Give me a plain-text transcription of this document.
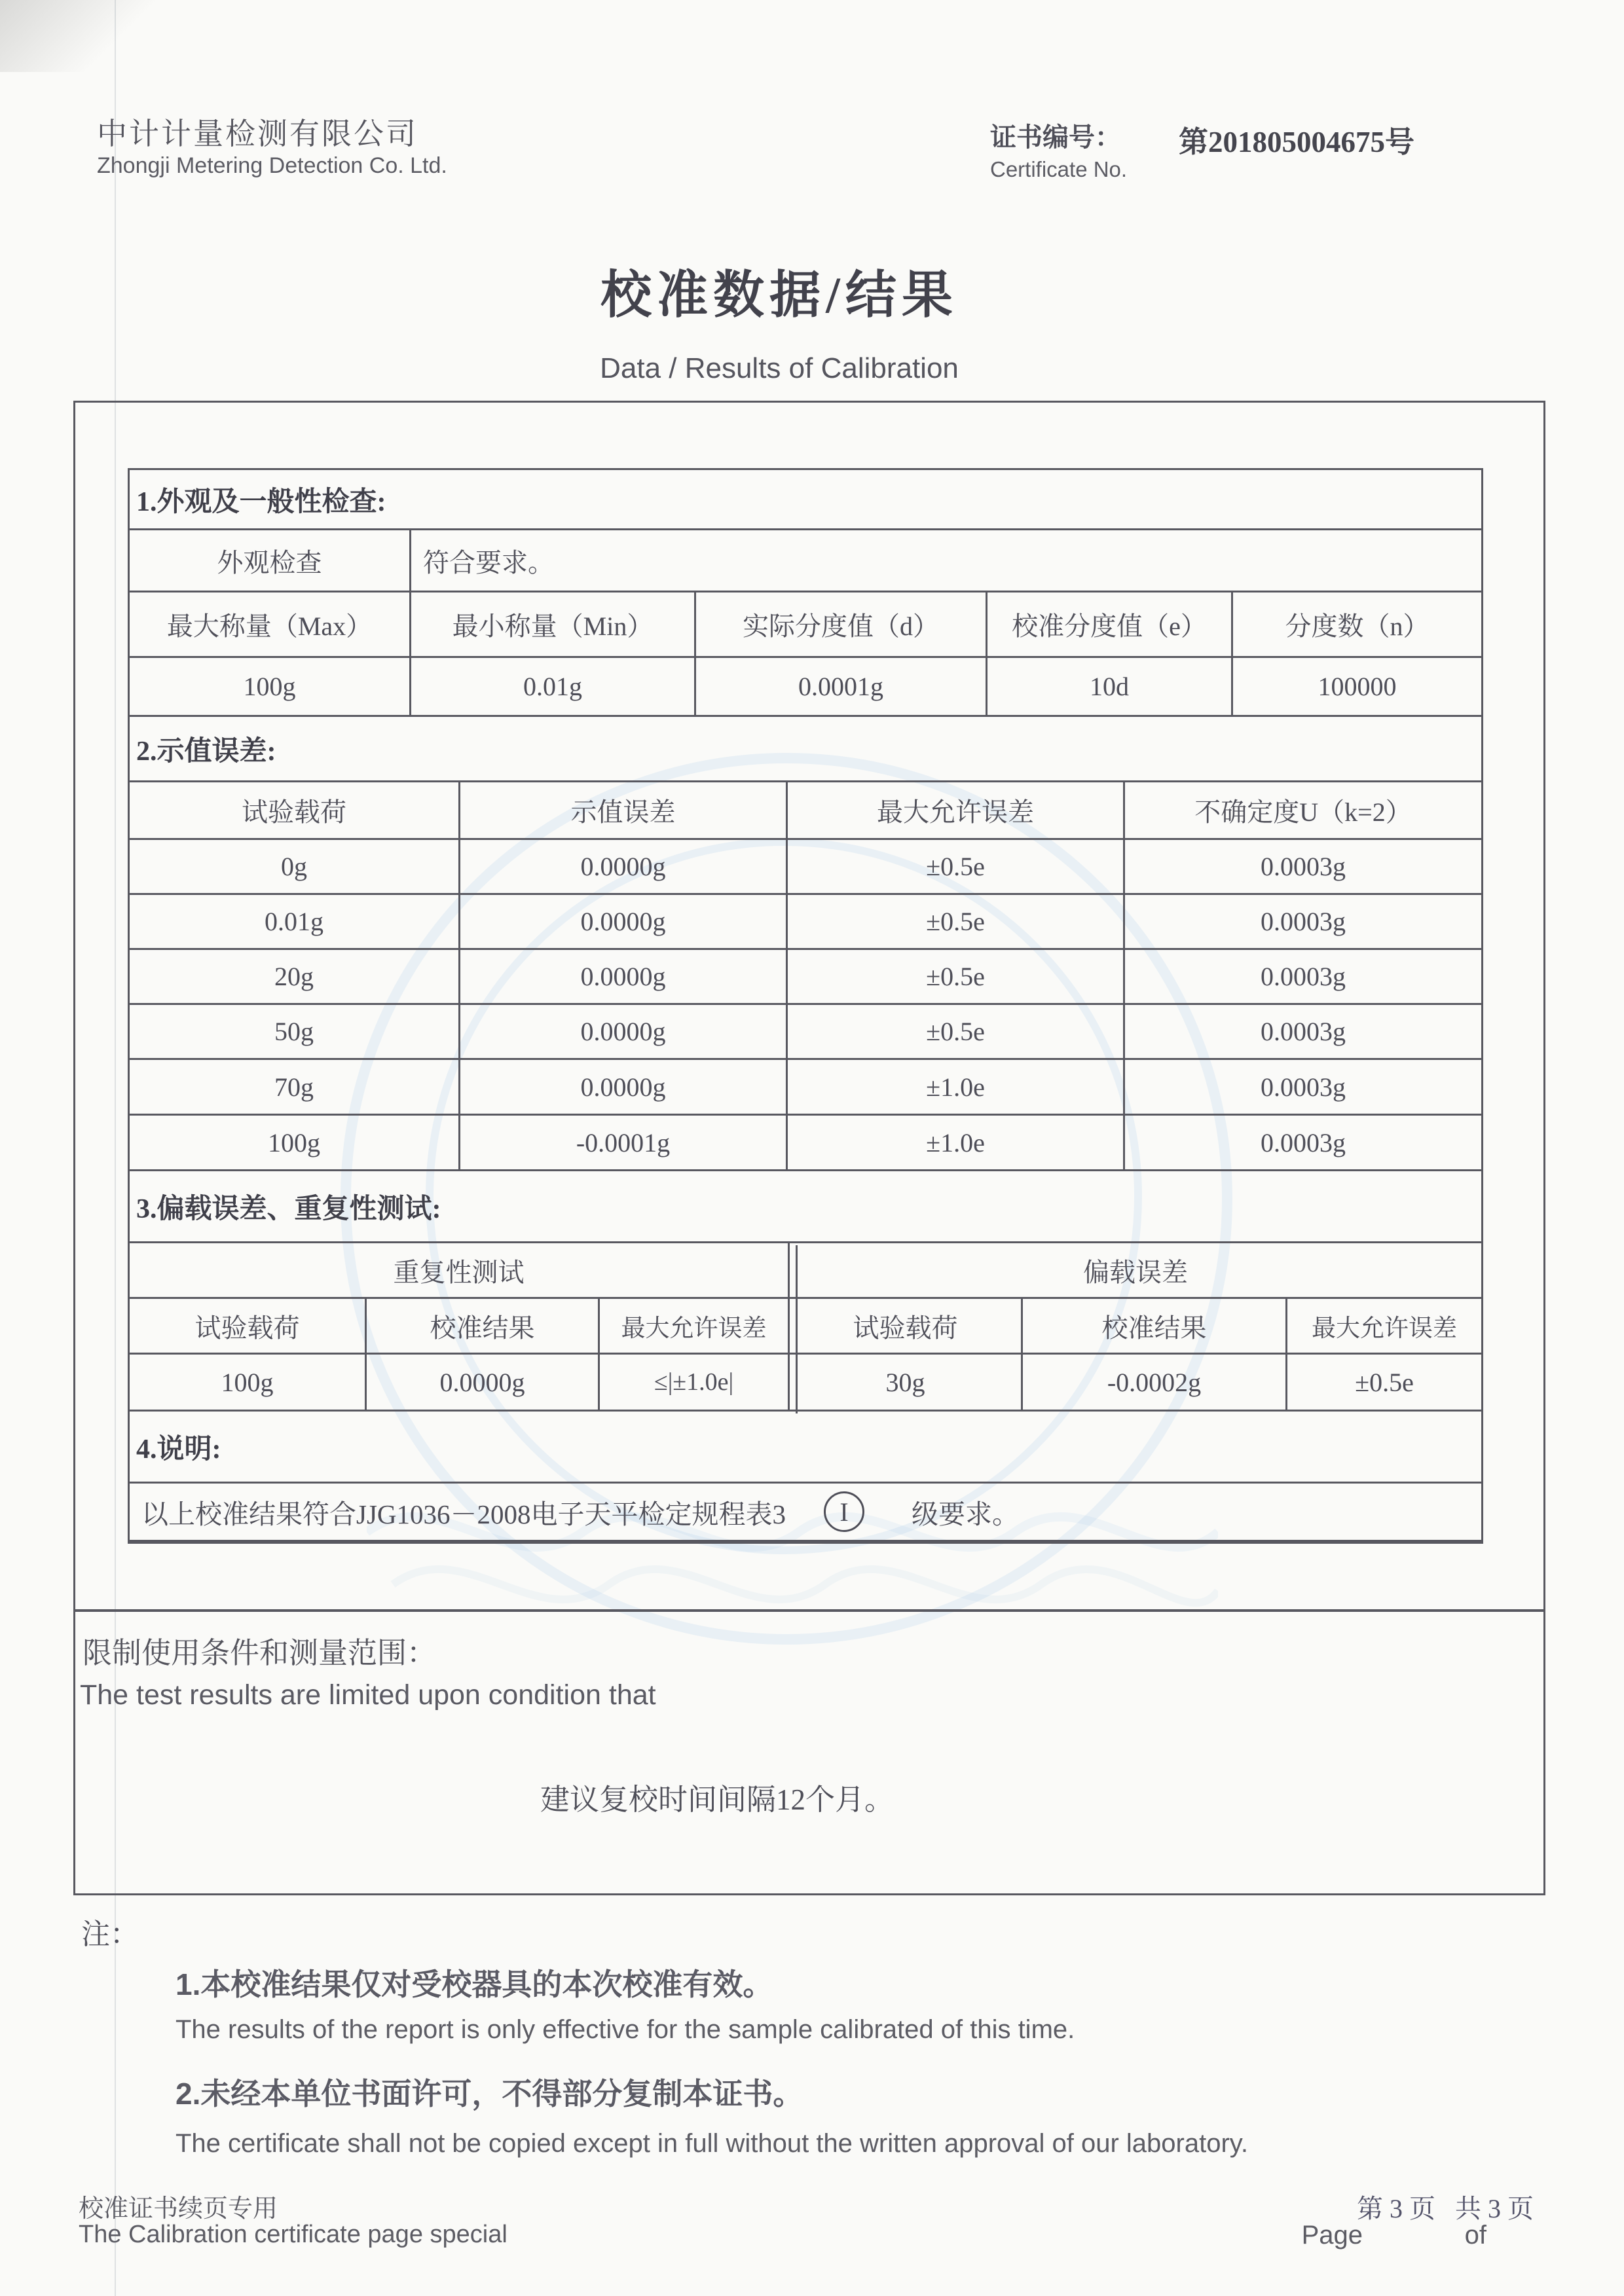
中计计量检测有限公司
Zhongji Metering Detection Co. Ltd.
证书编号：
Certificate No.
第201805004675号
校准数据/结果
Data / Results of Calibration
1.外观及一般性检查:
外观检查	符合要求。
最大称量（Max）	最小称量（Min）	实际分度值（d）	校准分度值（e）	分度数（n）
100g	0.01g	0.0001g	10d	100000
2.示值误差:
试验载荷	示值误差	最大允许误差	不确定度U（k=2）
0g	0.0000g	±0.5e	0.0003g
0.01g	0.0000g	±0.5e	0.0003g
20g	0.0000g	±0.5e	0.0003g
50g	0.0000g	±0.5e	0.0003g
70g	0.0000g	±1.0e	0.0003g
100g	-0.0001g	±1.0e	0.0003g
3.偏载误差、重复性测试:
重复性测试	偏载误差
试验载荷	校准结果	最大允许误差	试验载荷	校准结果	最大允许误差
100g	0.0000g	≤|±1.0e|	30g	-0.0002g	±0.5e
4.说明:
以上校准结果符合JJG1036－2008电子天平检定规程表3	I	级要求。
限制使用条件和测量范围：
The test results are limited upon condition that
建议复校时间间隔12个月。
注：
1.本校准结果仅对受校器具的本次校准有效。
The results of the report is only effective for the sample calibrated of this time.
2.未经本单位书面许可，不得部分复制本证书。
The certificate shall not be copied except in full without the written approval of our laboratory.
校准证书续页专用
The Calibration certificate page special
第 3 页   共 3 页
Page              of
